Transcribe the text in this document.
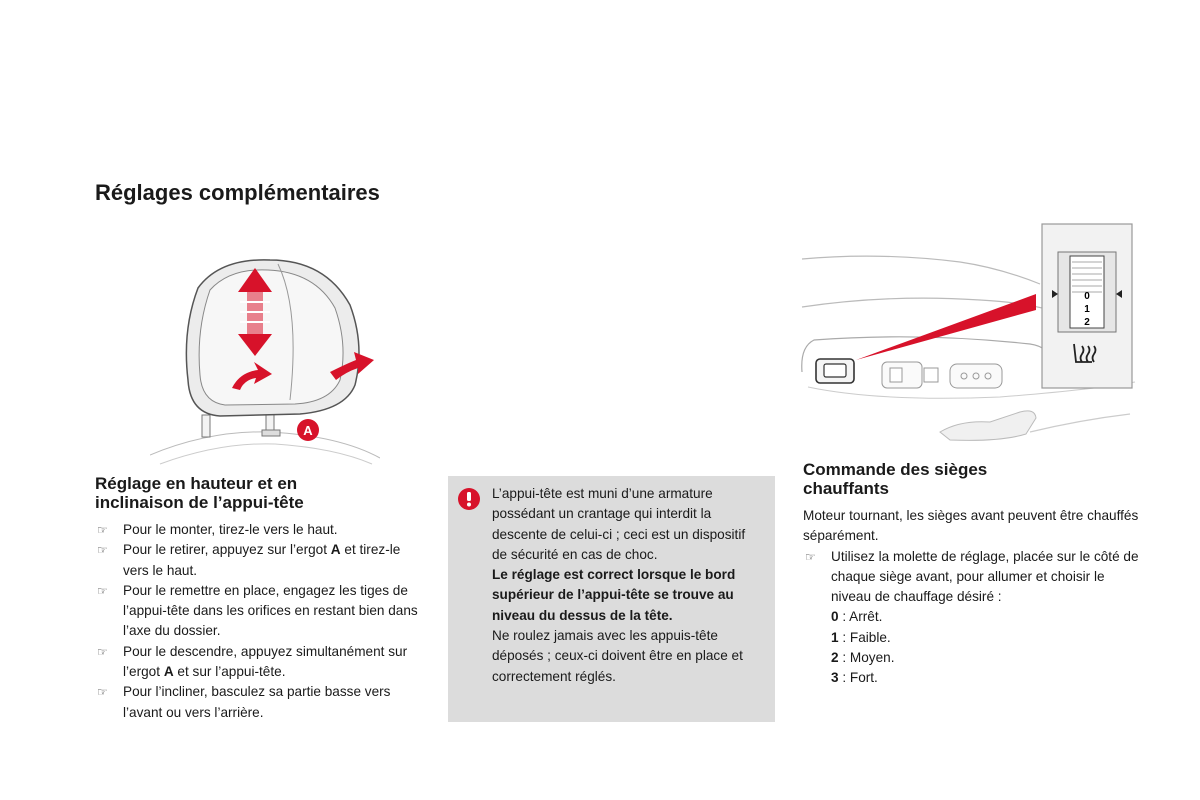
Réglages complémentaires
A
0
1
2
Réglage en hauteur et en
inclinaison de l’appui-tête
☞ Pour le monter, tirez-le vers le haut.
☞ Pour le retirer, appuyez sur l’ergot A et tirez-le vers le haut.
☞ Pour le remettre en place, engagez les tiges de l’appui-tête dans les orifices en restant bien dans l’axe du dossier.
☞ Pour le descendre, appuyez simultanément sur l’ergot A et sur l’appui-tête.
☞ Pour l’incliner, basculez sa partie basse vers l’avant ou vers l’arrière.

L’appui-tête est muni d’une armature possédant un crantage qui interdit la descente de celui-ci ; ceci est un dispositif de sécurité en cas de choc.

Le réglage est correct lorsque le bord supérieur de l’appui-tête se trouve au niveau du dessus de la tête.

Ne roulez jamais avec les appuis-tête déposés ; ceux-ci doivent être en place et correctement réglés.

Commande des sièges
chauffants

Moteur tournant, les sièges avant peuvent être chauffés séparément.

☞ Utilisez la molette de réglage, placée sur le côté de chaque siège avant, pour allumer et choisir le niveau de chauffage désiré :
0 : Arrêt.
1 : Faible.
2 : Moyen.
3 : Fort.
